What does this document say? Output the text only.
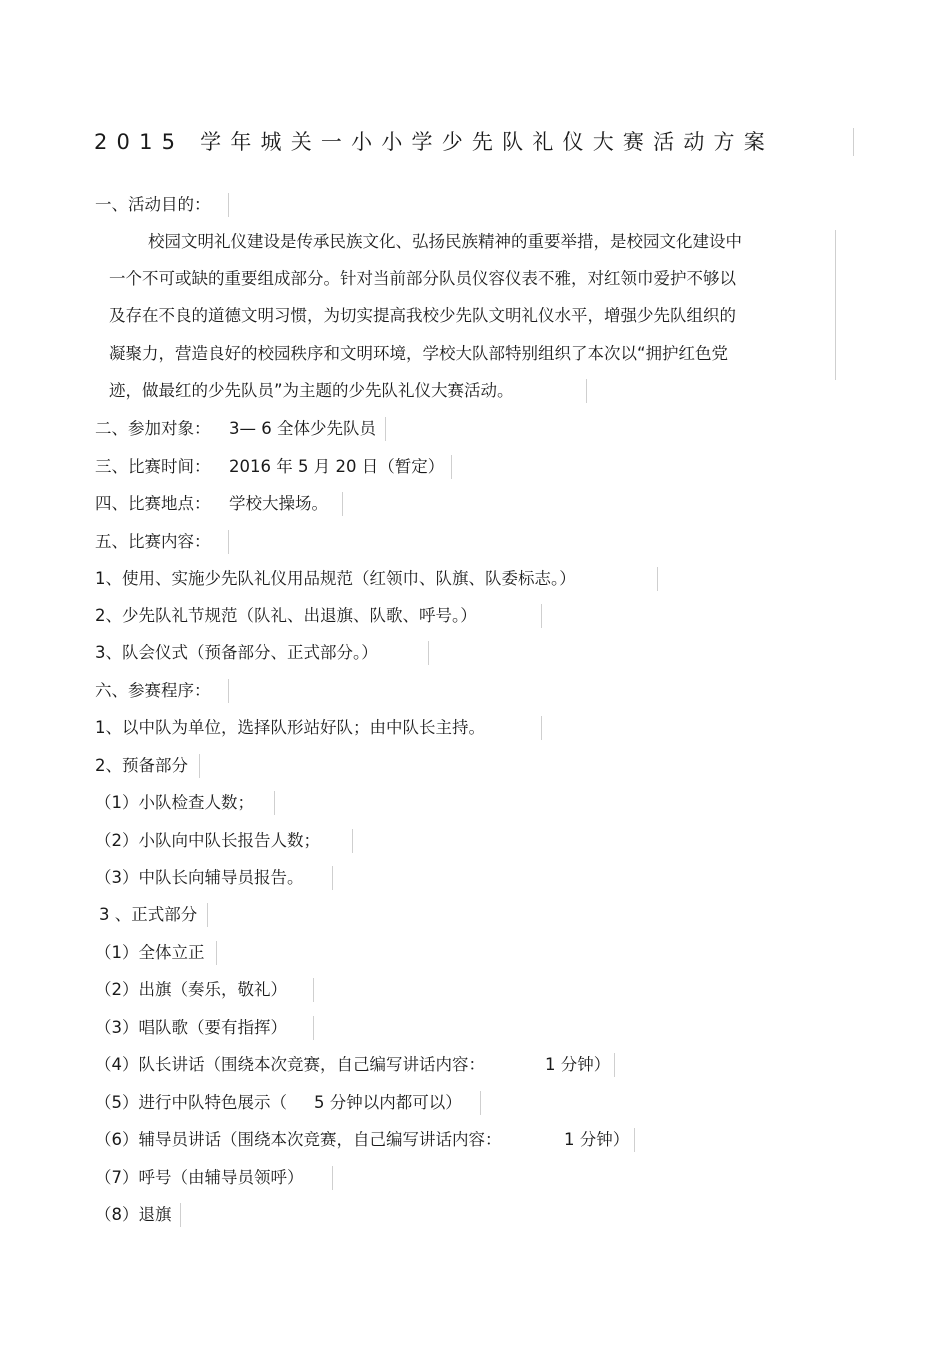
2015 学年城关一小小学少先队礼仪大赛活动方案
一、活动目的：
校园文明礼仪建设是传承民族文化、弘扬民族精神的重要举措，是校园文化建设中
一个不可或缺的重要组成部分。针对当前部分队员仪容仪表不雅，对红领巾爱护不够以
及存在不良的道德文明习惯，为切实提高我校少先队文明礼仪水平，增强少先队组织的
凝聚力，营造良好的校园秩序和文明环境，学校大队部特别组织了本次以“拥护红色党
迹，做最红的少先队员”为主题的少先队礼仪大赛活动。
二、参加对象： 3— 6 全体少先队员
三、比赛时间： 2016 年 5 月 20 日（暂定）
四、比赛地点： 学校大操场。
五、比赛内容：
1、使用、实施少先队礼仪用品规范（红领巾、队旗、队委标志。）
2、少先队礼节规范（队礼、出退旗、队歌、呼号。）
3、队会仪式（预备部分、正式部分。）
六、参赛程序：
1、以中队为单位，选择队形站好队；由中队长主持。
2、预备部分
（1）小队检查人数；
（2）小队向中队长报告人数；
（3）中队长向辅导员报告。
3 、正式部分
（1）全体立正
（2）出旗（奏乐，敬礼）
（3）唱队歌（要有指挥）
（4）队长讲话（围绕本次竞赛，自己编写讲话内容：	1 分钟）
（5）进行中队特色展示（ 5 分钟以内都可以）
（6）辅导员讲话（围绕本次竞赛，自己编写讲话内容：	1 分钟）
（7）呼号（由辅导员领呼）
（8）退旗
